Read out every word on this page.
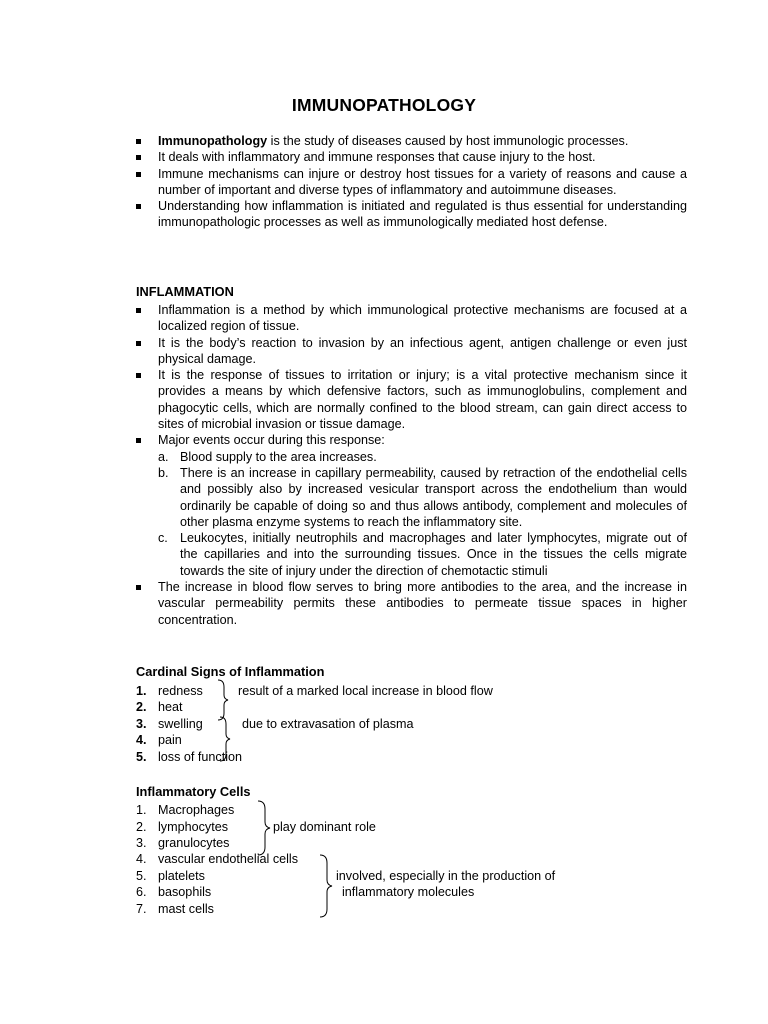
IMMUNOPATHOLOGY
Immunopathology is the study of diseases caused by host immunologic processes.
It deals with inflammatory and immune responses that cause injury to the host.
Immune mechanisms can injure or destroy host tissues for a variety of reasons and cause a number of important and diverse types of inflammatory and autoimmune diseases.
Understanding how inflammation is initiated and regulated is thus essential for understanding immunopathologic processes as well as immunologically mediated host defense.
INFLAMMATION
Inflammation is a method by which immunological protective mechanisms are focused at a localized region of tissue.
It is the body’s reaction to invasion by an infectious agent, antigen challenge or even just physical damage.
It is the response of tissues to irritation or injury; is a vital protective mechanism since it provides a means by which defensive factors, such as immunoglobulins, complement and phagocytic cells, which are normally confined to the blood stream, can gain direct access to sites of microbial invasion or tissue damage.
Major events occur during this response:
a. Blood supply to the area increases.
b. There is an increase in capillary permeability, caused by retraction of the endothelial cells and possibly also by increased vesicular transport across the endothelium than would ordinarily be capable of doing so and thus allows antibody, complement and molecules of other plasma enzyme systems to reach the inflammatory site.
c. Leukocytes, initially neutrophils and macrophages and later lymphocytes, migrate out of the capillaries and into the surrounding tissues. Once in the tissues the cells migrate towards the site of injury under the direction of chemotactic stimuli
The increase in blood flow serves to bring more antibodies to the area, and the increase in vascular permeability permits these antibodies to permeate tissue spaces in higher concentration.
Cardinal Signs of Inflammation
1. redness
2. heat
3. swelling
4. pain
5. loss of function
result of a marked local increase in blood flow
due to extravasation of plasma
Inflammatory Cells
1. Macrophages
2. lymphocytes
3. granulocytes
4. vascular endothelial cells
5. platelets
6. basophils
7. mast cells
play dominant role
involved, especially in the production of
inflammatory molecules
